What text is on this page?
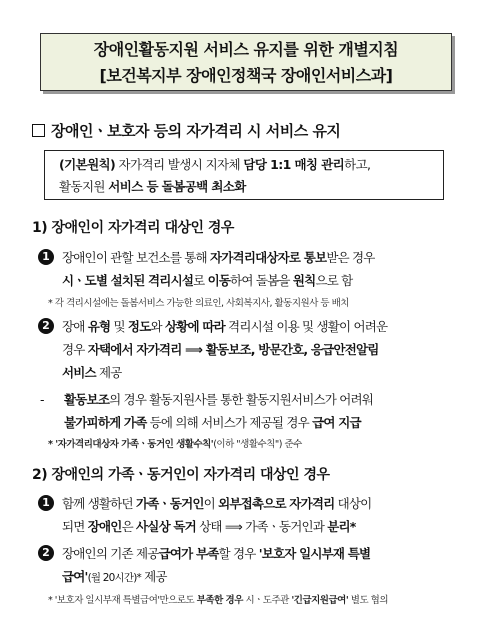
장애인활동지원 서비스 유지를 위한 개별지침
[보건복지부 장애인정책국 장애인서비스과]
장애인ㆍ보호자 등의 자가격리 시 서비스 유지
(기본원칙) 자가격리 발생시 지자체 담당 1:1 매칭 관리하고,
활동지원 서비스 등 돌봄공백 최소화
1) 장애인이 자가격리 대상인 경우
1 장애인이 관할 보건소를 통해 자가격리대상자로 통보받은 경우
시ㆍ도별 설치된 격리시설로 이동하여 돌봄을 원칙으로 함
* 각 격리시설에는 돌봄서비스 가능한 의료인, 사회복지사, 활동지원사 등 배치
2 장애 유형 및 정도와 상황에 따라 격리시설 이용 및 생활이 어려운
경우 자택에서 자가격리 ⟹ 활동보조, 방문간호, 응급안전알림
서비스 제공
- 활동보조의 경우 활동지원사를 통한 활동지원서비스가 어려워
불가피하게 가족 등에 의해 서비스가 제공될 경우 급여 지급
* '자가격리대상자 가족ㆍ동거인 생활수칙'(이하 "생활수칙") 준수
2) 장애인의 가족ㆍ동거인이 자가격리 대상인 경우
1 함께 생활하던 가족ㆍ동거인이 외부접촉으로 자가격리 대상이
되면 장애인은 사실상 독거 상태 ⟹ 가족ㆍ동거인과 분리*
2 장애인의 기존 제공급여가 부족할 경우 '보호자 일시부재 특별
급여'(월 20시간)* 제공
* '보호자 일시부재 특별급여'만으로도 부족한 경우 시ㆍ도주관 '긴급지원급여' 별도 협의
